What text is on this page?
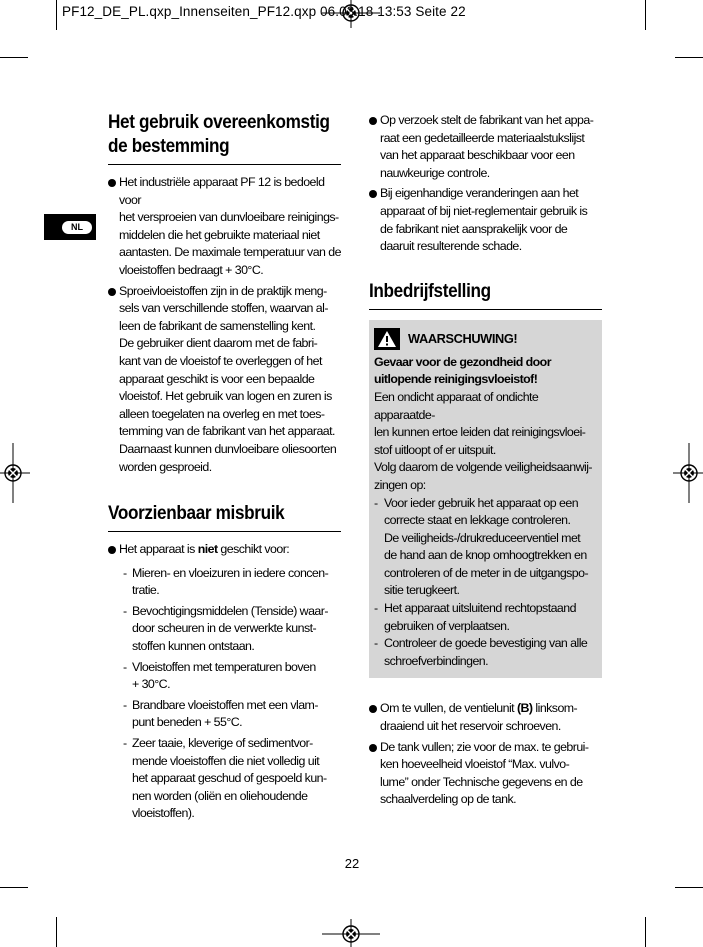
PF12_DE_PL.qxp_Innenseiten_PF12.qxp 06.03.18 13:53 Seite 22
NL
Het gebruik overeenkomstig
de bestemming
Het industriële apparaat PF 12 is bedoeld voor
het versproeien van dunvloeibare reinigings-
middelen die het gebruikte materiaal niet
aantasten. De maximale temperatuur van de
vloeistoffen bedraagt + 30°C.
Sproeivloeistoffen zijn in de praktijk meng-
sels van verschillende stoffen, waarvan al-
leen de fabrikant de samenstelling kent.
De gebruiker dient daarom met de fabri-
kant van de vloeistof te overleggen of het
apparaat geschikt is voor een bepaalde
vloeistof. Het gebruik van logen en zuren is
alleen toegelaten na overleg en met toes-
temming van de fabrikant van het apparaat.
Daarnaast kunnen dunvloeibare oliesoorten
worden gesproeid.
Voorzienbaar misbruik
Het apparaat is niet geschikt voor:
- Mieren- en vloeizuren in iedere concen-
tratie.
- Bevochtigingsmiddelen (Tenside) waar-
door scheuren in de verwerkte kunst-
stoffen kunnen ontstaan.
- Vloeistoffen met temperaturen boven
+ 30°C.
- Brandbare vloeistoffen met een vlam-
punt beneden + 55°C.
- Zeer taaie, kleverige of sedimentvor-
mende vloeistoffen die niet volledig uit
het apparaat geschud of gespoeld kun-
nen worden (oliën en oliehoudende
vloeistoffen).
Op verzoek stelt de fabrikant van het appa-
raat een gedetailleerde materiaalstukslijst
van het apparaat beschikbaar voor een
nauwkeurige controle.
Bij eigenhandige veranderingen aan het
apparaat of bij niet-reglementair gebruik is
de fabrikant niet aansprakelijk voor de
daaruit resulterende schade.
Inbedrijfstelling
WAARSCHUWING!
Gevaar voor de gezondheid door
uitlopende reinigingsvloeistof!
Een ondicht apparaat of ondichte apparaatde-
len kunnen ertoe leiden dat reinigingsvloei-
stof uitloopt of er uitspuit.
Volg daarom de volgende veiligheidsaanwij-
zingen op:
- Voor ieder gebruik het apparaat op een
correcte staat en lekkage controleren.
De veiligheids-/drukreduceerventiel met
de hand aan de knop omhoogtrekken en
controleren of de meter in de uitgangspo-
sitie terugkeert.
- Het apparaat uitsluitend rechtopstaand
gebruiken of verplaatsen.
- Controleer de goede bevestiging van alle
schroefverbindingen.
Om te vullen, de ventielunit (B) linksom-
draaiend uit het reservoir schroeven.
De tank vullen; zie voor de max. te gebrui-
ken hoeveelheid vloeistof “Max. vulvo-
lume” onder Technische gegevens en de
schaalverdeling op de tank.
22
